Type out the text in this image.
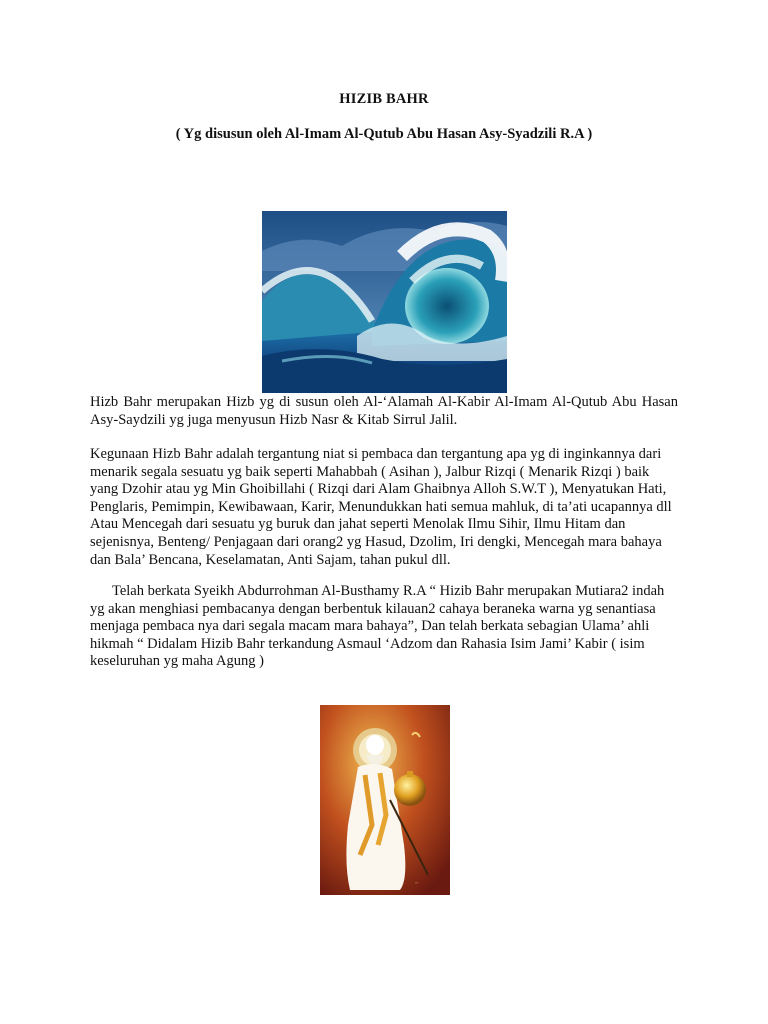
HIZIB BAHR
( Yg disusun oleh Al-Imam Al-Qutub Abu Hasan Asy-Syadzili R.A )
Hizb Bahr merupakan Hizb yg di susun oleh Al-‘Alamah Al-Kabir Al-Imam Al-Qutub Abu Hasan Asy-Saydzili yg juga menyusun Hizb Nasr & Kitab Sirrul Jalil.
Kegunaan Hizb Bahr adalah tergantung niat si pembaca dan tergantung apa yg di inginkannya dari menarik segala sesuatu yg baik seperti Mahabbah ( Asihan ), Jalbur Rizqi ( Menarik Rizqi ) baik yang Dzohir atau yg Min Ghoibillahi ( Rizqi dari Alam Ghaibnya Alloh S.W.T ), Menyatukan Hati, Penglaris, Pemimpin, Kewibawaan, Karir, Menundukkan hati semua mahluk, di ta’ati ucapannya dll Atau Mencegah dari sesuatu yg buruk dan jahat seperti Menolak Ilmu Sihir, Ilmu Hitam dan sejenisnya, Benteng/ Penjagaan dari orang2 yg Hasud, Dzolim, Iri dengki, Mencegah mara bahaya dan Bala’ Bencana, Keselamatan, Anti Sajam, tahan pukul dll.
Telah berkata Syeikh Abdurrohman Al-Busthamy R.A “ Hizib Bahr merupakan Mutiara2 indah yg akan menghiasi pembacanya dengan berbentuk kilauan2 cahaya beraneka warna yg senantiasa menjaga pembaca nya dari segala macam mara bahaya”, Dan telah berkata sebagian Ulama’ ahli hikmah “ Didalam Hizib Bahr terkandung Asmaul ‘Adzom dan Rahasia Isim Jami’ Kabir ( isim keseluruhan yg maha Agung )
~
